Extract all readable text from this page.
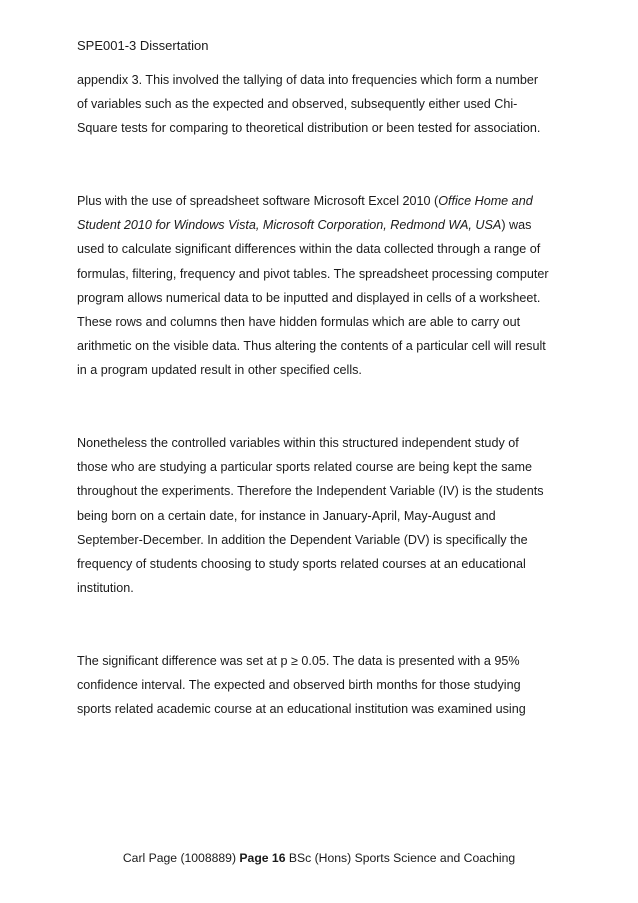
SPE001-3 Dissertation
appendix 3. This involved the tallying of data into frequencies which form a number
of variables such as the expected and observed, subsequently either used Chi-
Square tests for comparing to theoretical distribution or been tested for association.
Plus with the use of spreadsheet software Microsoft Excel 2010 (Office Home and
Student 2010 for Windows Vista, Microsoft Corporation, Redmond WA, USA) was
used to calculate significant differences within the data collected through a range of
formulas, filtering, frequency and pivot tables. The spreadsheet processing computer
program allows numerical data to be inputted and displayed in cells of a worksheet.
These rows and columns then have hidden formulas which are able to carry out
arithmetic on the visible data. Thus altering the contents of a particular cell will result
in a program updated result in other specified cells.
Nonetheless the controlled variables within this structured independent study of
those who are studying a particular sports related course are being kept the same
throughout the experiments. Therefore the Independent Variable (IV) is the students
being born on a certain date, for instance in January-April, May-August and
September-December. In addition the Dependent Variable (DV) is specifically the
frequency of students choosing to study sports related courses at an educational
institution.
The significant difference was set at p ≥ 0.05. The data is presented with a 95%
confidence interval. The expected and observed birth months for those studying
sports related academic course at an educational institution was examined using
Carl Page (1008889) Page 16 BSc (Hons) Sports Science and Coaching
